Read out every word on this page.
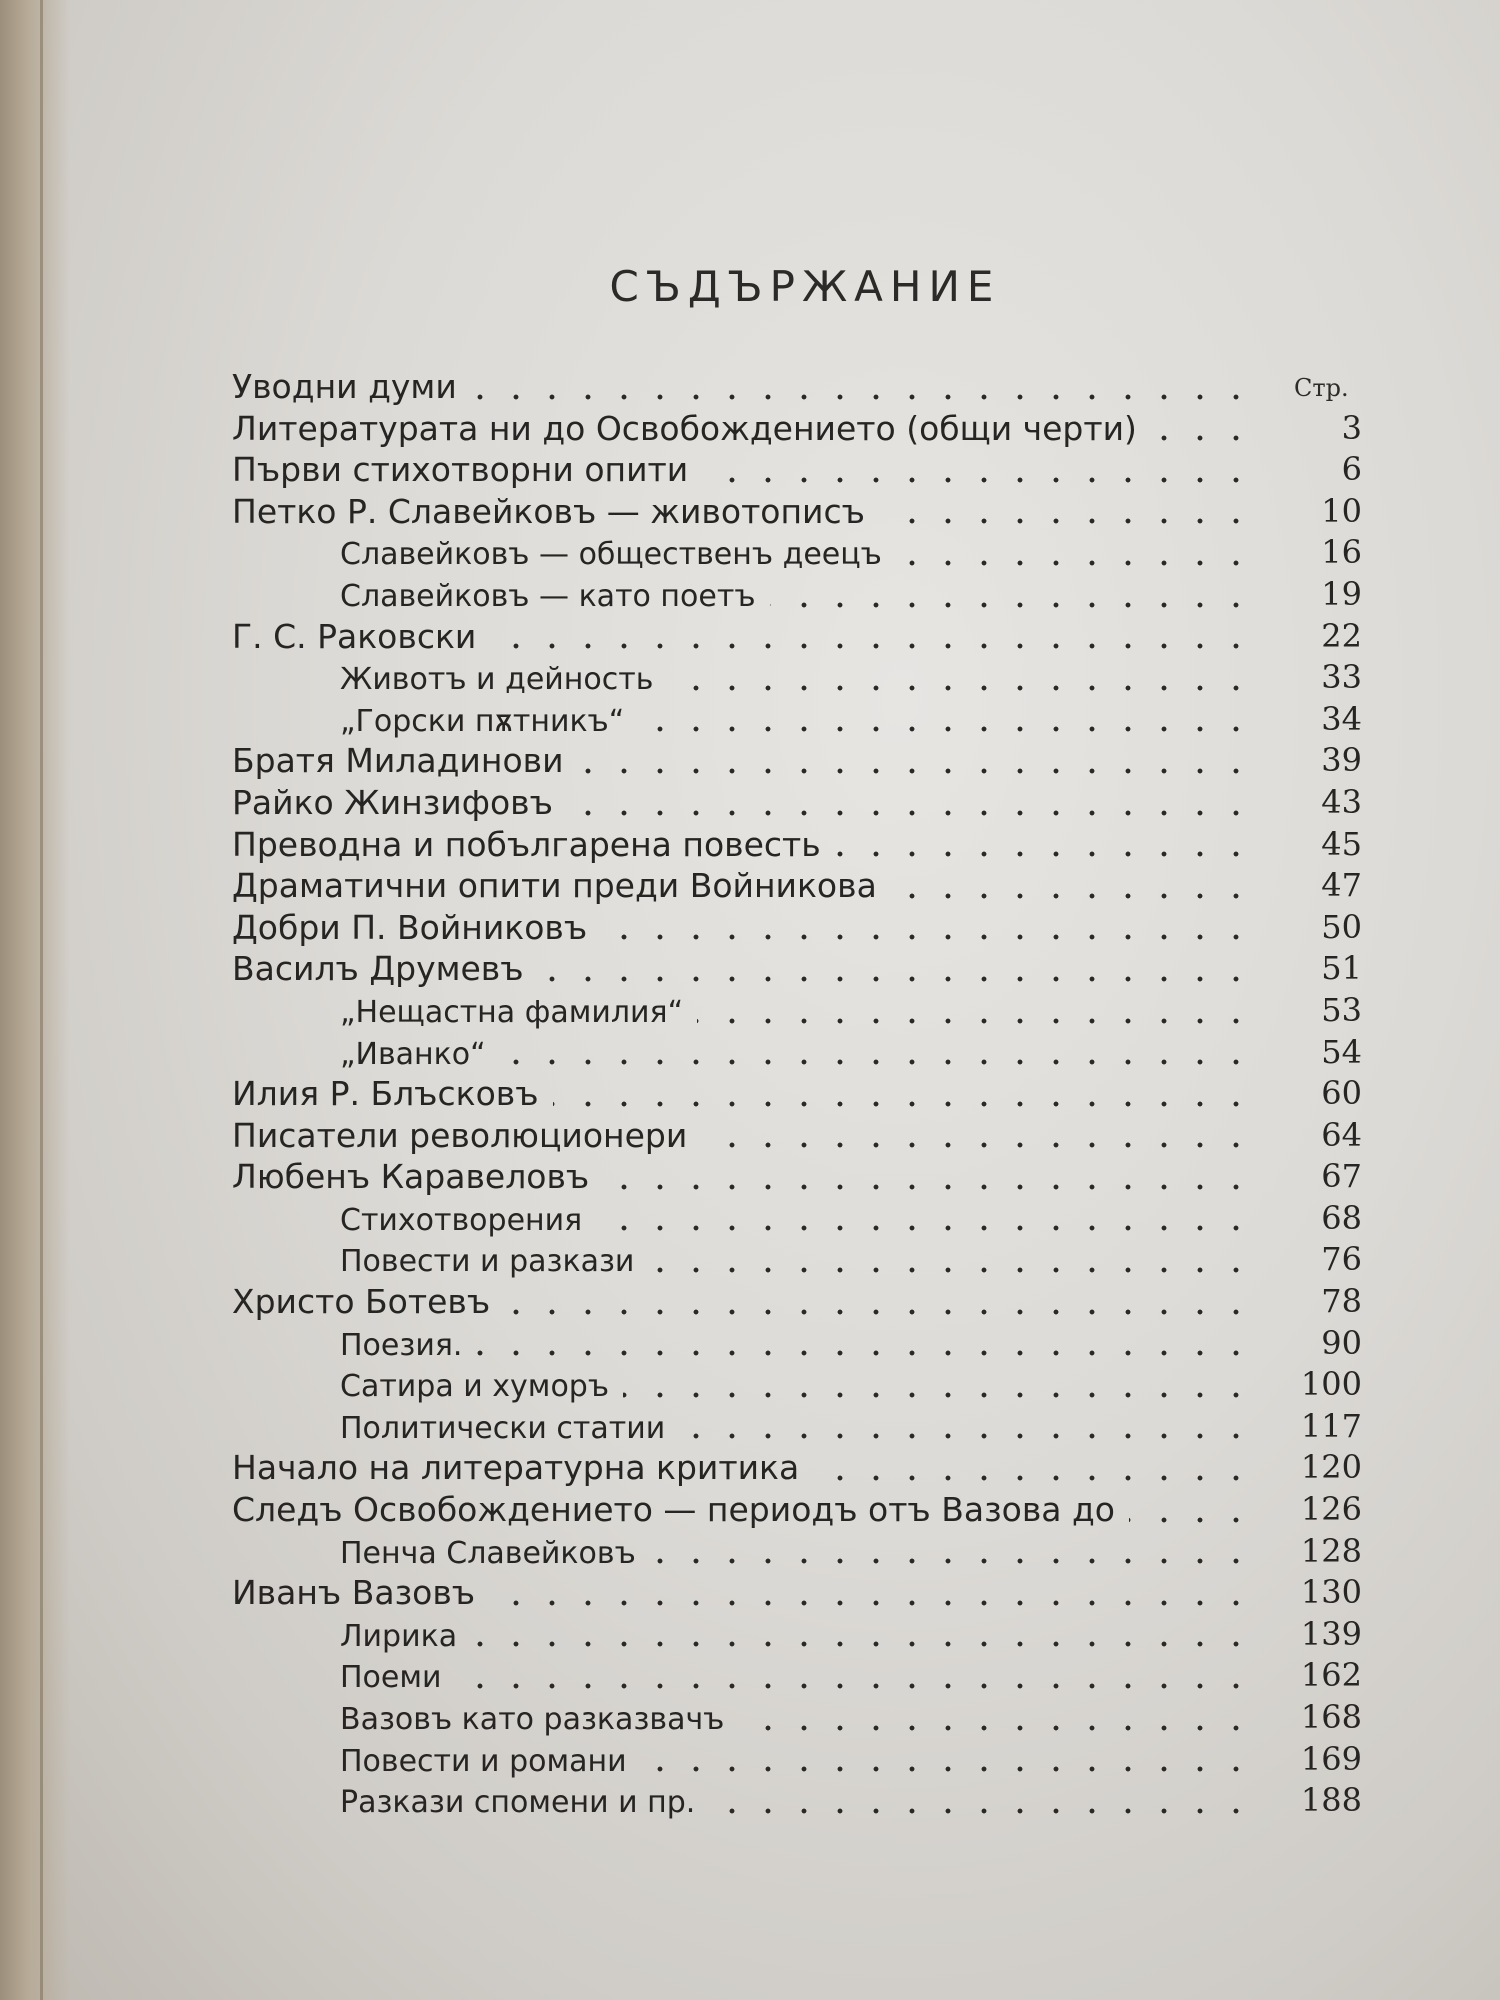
СЪДЪРЖАНИЕ
Стр.
Уводни думи
Литературата ни до Освобождението (общи черти)	3
Първи стихотворни опити	6
Петко Р. Славейковъ — животописъ	10
Славейковъ — общественъ деецъ	16
Славейковъ — като поетъ	19
Г. С. Раковски	22
Животъ и дейность	33
„Горски пѫтникъ“	34
Братя Миладинови	39
Райко Жинзифовъ	43
Преводна и побългарена повесть	45
Драматични опити преди Войникова	47
Добри П. Войниковъ	50
Василъ Друмевъ	51
„Нещастна фамилия“	53
„Иванко“	54
Илия Р. Блъсковъ	60
Писатели революционери	64
Любенъ Каравеловъ	67
Стихотворения	68
Повести и разкази	76
Христо Ботевъ	78
Поезия.	90
Сатира и хуморъ	100
Политически статии	117
Начало на литературна критика	120
Следъ Освобождението — периодъ отъ Вазова до	126
Пенча Славейковъ	128
Иванъ Вазовъ	130
Лирика	139
Поеми	162
Вазовъ като разказвачъ	168
Повести и романи	169
Разкази спомени и пр.	188
